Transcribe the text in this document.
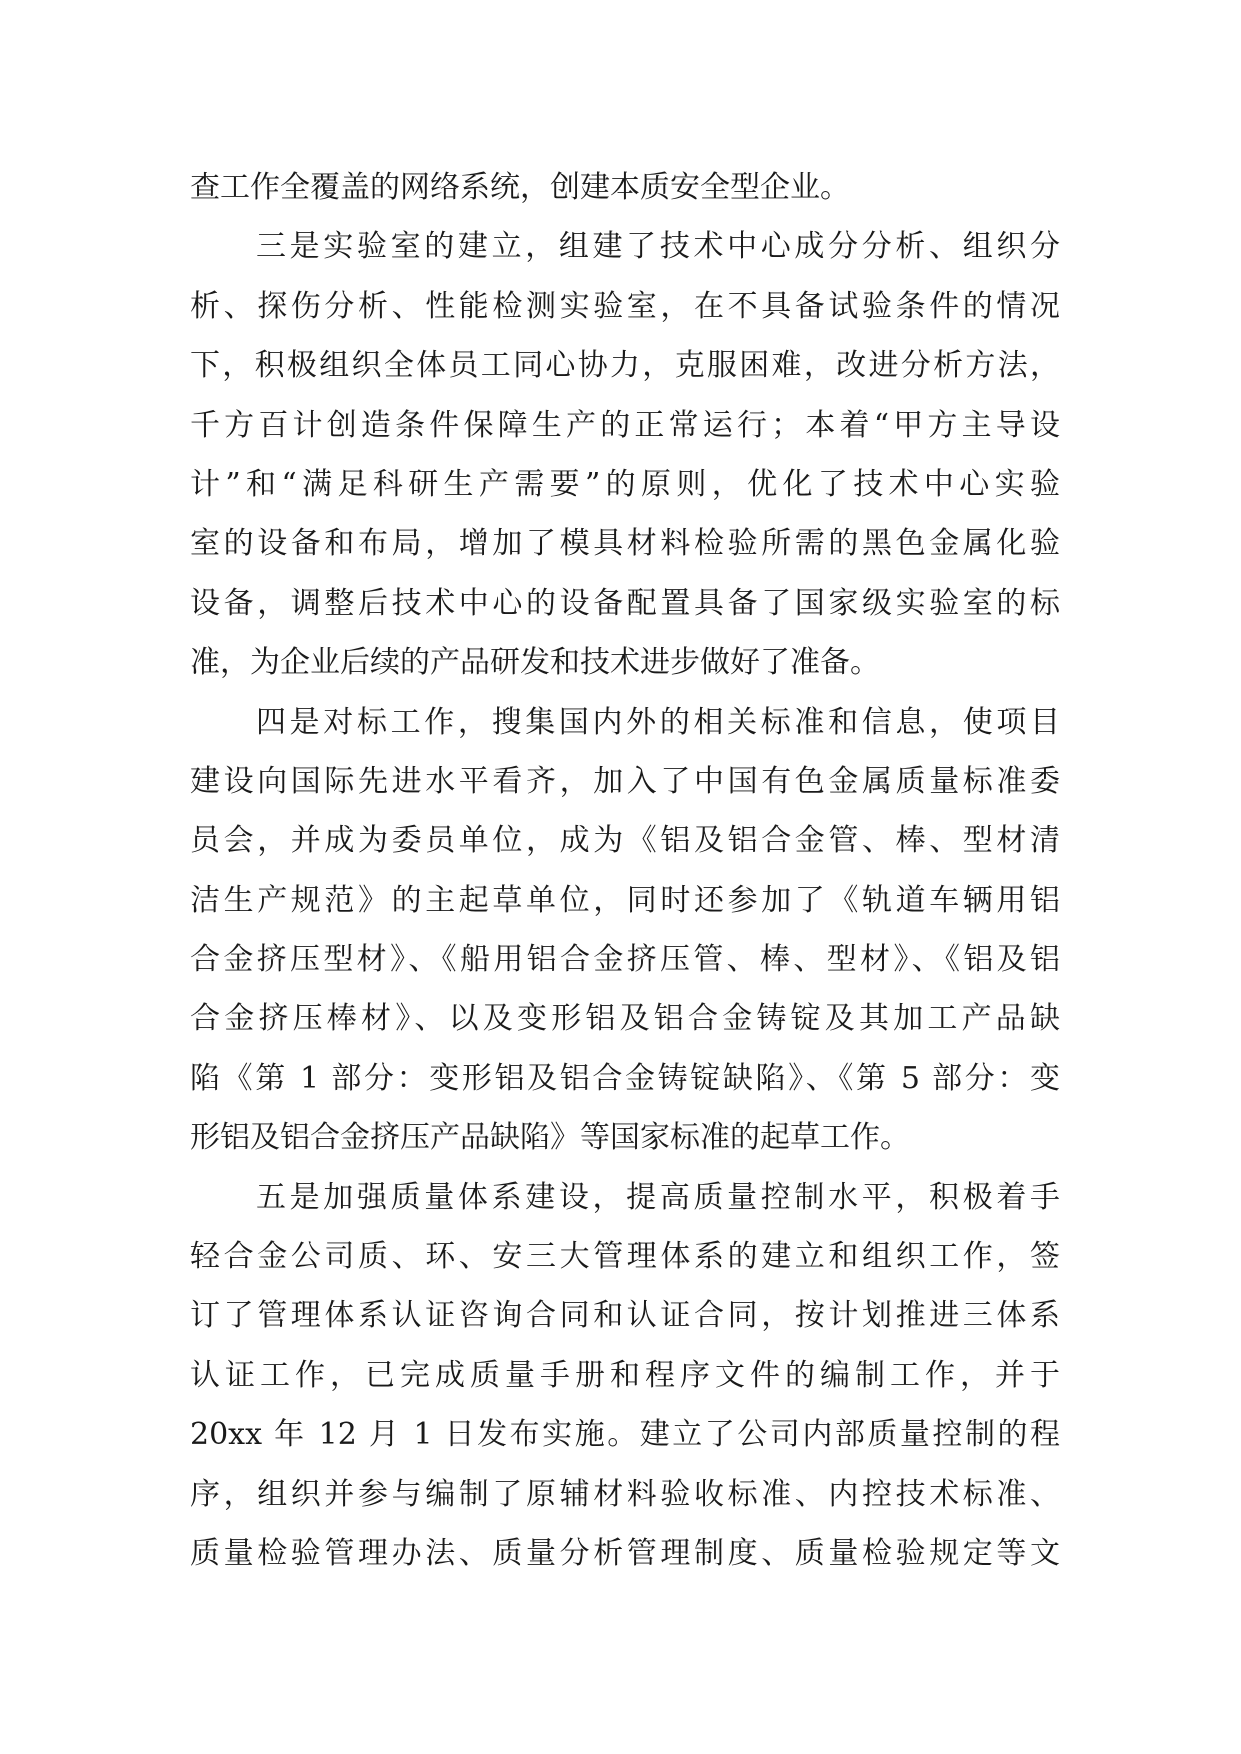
查工作全覆盖的网络系统，创建本质安全型企业。
三是实验室的建立，组建了技术中心成分分析、组织分
析、探伤分析、性能检测实验室，在不具备试验条件的情况
下，积极组织全体员工同心协力，克服困难，改进分析方法，
千方百计创造条件保障生产的正常运行；本着“甲方主导设
计”和“满足科研生产需要”的原则，优化了技术中心实验
室的设备和布局，增加了模具材料检验所需的黑色金属化验
设备，调整后技术中心的设备配置具备了国家级实验室的标
准，为企业后续的产品研发和技术进步做好了准备。
四是对标工作，搜集国内外的相关标准和信息，使项目
建设向国际先进水平看齐，加入了中国有色金属质量标准委
员会，并成为委员单位，成为《铝及铝合金管、棒、型材清
洁生产规范》的主起草单位，同时还参加了《轨道车辆用铝
合金挤压型材》、《船用铝合金挤压管、棒、型材》、《铝及铝
合金挤压棒材》、以及变形铝及铝合金铸锭及其加工产品缺
陷《第 1 部分：变形铝及铝合金铸锭缺陷》、《第 5 部分：变
形铝及铝合金挤压产品缺陷》等国家标准的起草工作。
五是加强质量体系建设，提高质量控制水平，积极着手
轻合金公司质、环、安三大管理体系的建立和组织工作，签
订了管理体系认证咨询合同和认证合同，按计划推进三体系
认证工作，已完成质量手册和程序文件的编制工作，并于
20xx 年 12 月 1 日发布实施。建立了公司内部质量控制的程
序，组织并参与编制了原辅材料验收标准、内控技术标准、
质量检验管理办法、质量分析管理制度、质量检验规定等文
